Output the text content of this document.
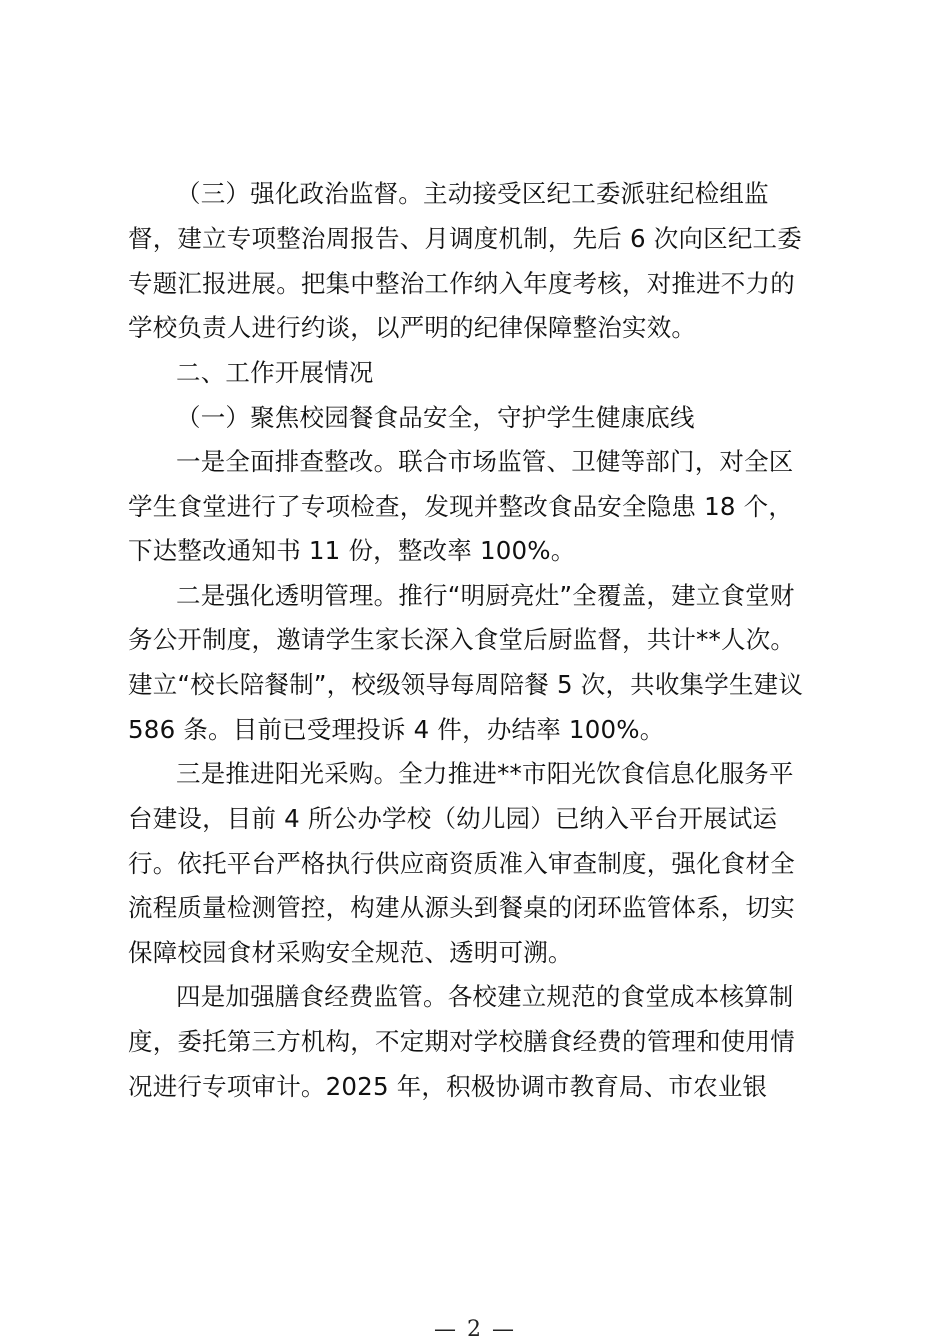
（三）强化政治监督。主动接受区纪工委派驻纪检组监
督，建立专项整治周报告、月调度机制，先后 6 次向区纪工委
专题汇报进展。把集中整治工作纳入年度考核，对推进不力的
学校负责人进行约谈，以严明的纪律保障整治实效。
二、工作开展情况
（一）聚焦校园餐食品安全，守护学生健康底线
一是全面排查整改。联合市场监管、卫健等部门，对全区
学生食堂进行了专项检查，发现并整改食品安全隐患 18 个，
下达整改通知书 11 份，整改率 100%。
二是强化透明管理。推行“明厨亮灶”全覆盖，建立食堂财
务公开制度，邀请学生家长深入食堂后厨监督，共计**人次。
建立“校长陪餐制”，校级领导每周陪餐 5 次，共收集学生建议
586 条。目前已受理投诉 4 件，办结率 100%。
三是推进阳光采购。全力推进**市阳光饮食信息化服务平
台建设，目前 4 所公办学校（幼儿园）已纳入平台开展试运
行。依托平台严格执行供应商资质准入审查制度，强化食材全
流程质量检测管控，构建从源头到餐桌的闭环监管体系，切实
保障校园食材采购安全规范、透明可溯。
四是加强膳食经费监管。各校建立规范的食堂成本核算制
度，委托第三方机构，不定期对学校膳食经费的管理和使用情
况进行专项审计。2025 年，积极协调市教育局、市农业银
— 2 —
